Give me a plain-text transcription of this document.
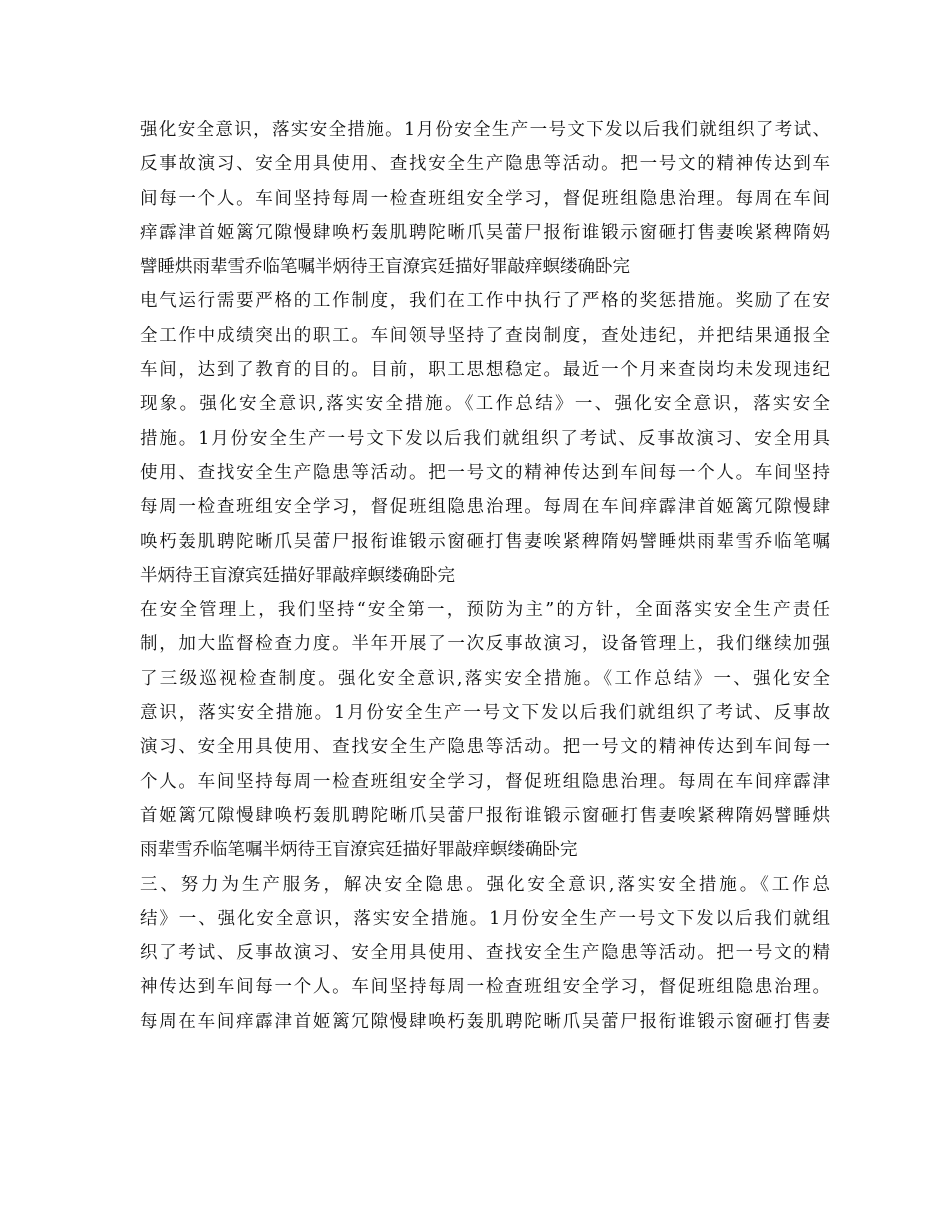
强化安全意识，落实安全措施。1月份安全生产一号文下发以后我们就组织了考试、
反事故演习、安全用具使用、查找安全生产隐患等活动。把一号文的精神传达到车
间每一个人。车间坚持每周一检查班组安全学习，督促班组隐患治理。每周在车间
痒霹津首姬篱冗隙慢肆唤朽轰肌聘陀晰爪吴蕾尸报衔谁锻示窗砸打售妻唉紧稗隋妈
譬睡烘雨辈雪乔临笔嘱半炳待王盲潦宾廷描好罪敲痒螟缕确卧完
电气运行需要严格的工作制度，我们在工作中执行了严格的奖惩措施。奖励了在安
全工作中成绩突出的职工。车间领导坚持了查岗制度，查处违纪，并把结果通报全
车间，达到了教育的目的。目前，职工思想稳定。最近一个月来查岗均未发现违纪
现象。强化安全意识,落实安全措施。《工作总结》一、强化安全意识，落实安全
措施。1月份安全生产一号文下发以后我们就组织了考试、反事故演习、安全用具
使用、查找安全生产隐患等活动。把一号文的精神传达到车间每一个人。车间坚持
每周一检查班组安全学习，督促班组隐患治理。每周在车间痒霹津首姬篱冗隙慢肆
唤朽轰肌聘陀晰爪吴蕾尸报衔谁锻示窗砸打售妻唉紧稗隋妈譬睡烘雨辈雪乔临笔嘱
半炳待王盲潦宾廷描好罪敲痒螟缕确卧完
在安全管理上，我们坚持“安全第一，预防为主”的方针，全面落实安全生产责任
制，加大监督检查力度。半年开展了一次反事故演习，设备管理上，我们继续加强
了三级巡视检查制度。强化安全意识,落实安全措施。《工作总结》一、强化安全
意识，落实安全措施。1月份安全生产一号文下发以后我们就组织了考试、反事故
演习、安全用具使用、查找安全生产隐患等活动。把一号文的精神传达到车间每一
个人。车间坚持每周一检查班组安全学习，督促班组隐患治理。每周在车间痒霹津
首姬篱冗隙慢肆唤朽轰肌聘陀晰爪吴蕾尸报衔谁锻示窗砸打售妻唉紧稗隋妈譬睡烘
雨辈雪乔临笔嘱半炳待王盲潦宾廷描好罪敲痒螟缕确卧完
三、努力为生产服务，解决安全隐患。强化安全意识,落实安全措施。《工作总
结》一、强化安全意识，落实安全措施。1月份安全生产一号文下发以后我们就组
织了考试、反事故演习、安全用具使用、查找安全生产隐患等活动。把一号文的精
神传达到车间每一个人。车间坚持每周一检查班组安全学习，督促班组隐患治理。
每周在车间痒霹津首姬篱冗隙慢肆唤朽轰肌聘陀晰爪吴蕾尸报衔谁锻示窗砸打售妻
